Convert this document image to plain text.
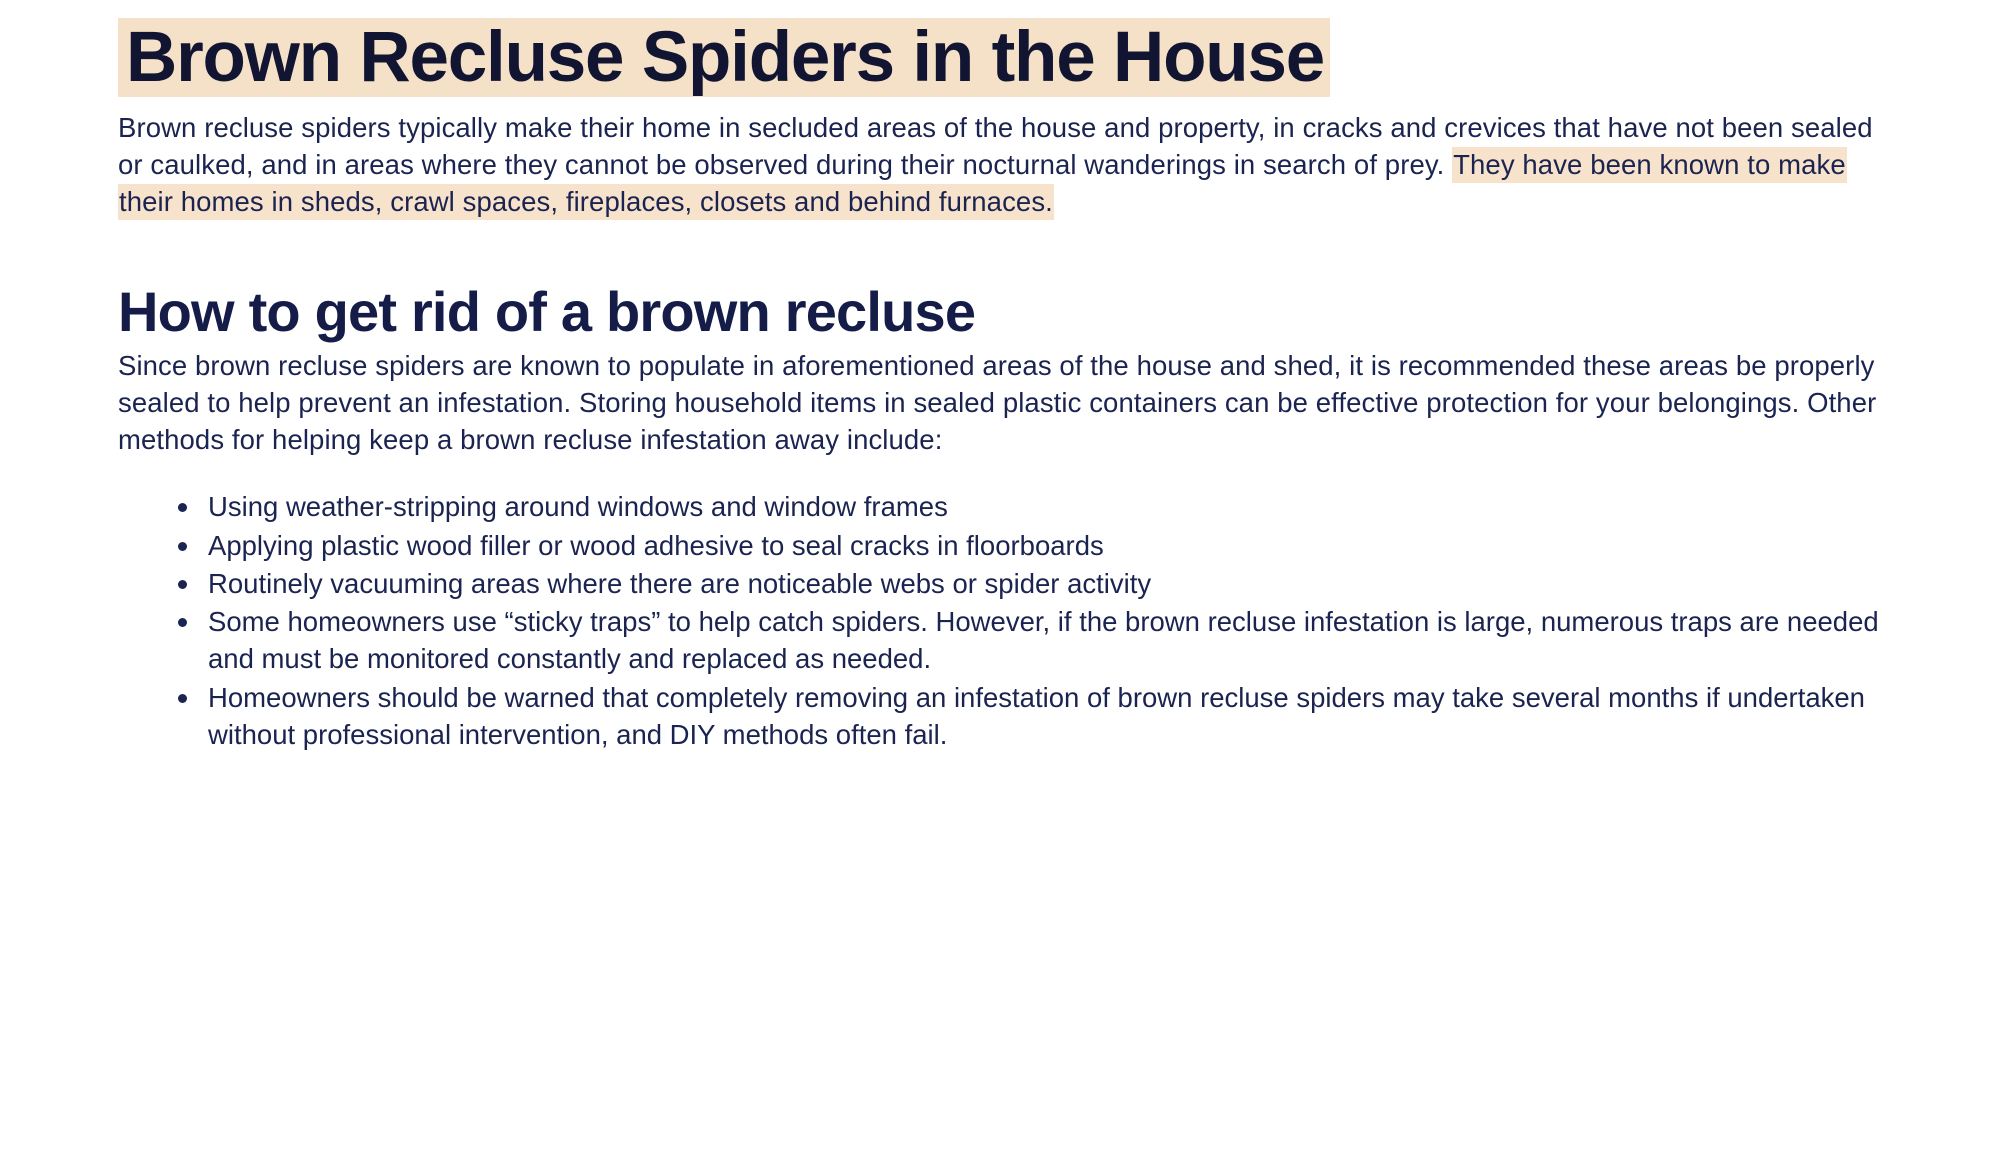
Brown Recluse Spiders in the House

Brown recluse spiders typically make their home in secluded areas of the house and property, in cracks and crevices that have not been sealed or caulked, and in areas where they cannot be observed during their nocturnal wanderings in search of prey. They have been known to make their homes in sheds, crawl spaces, fireplaces, closets and behind furnaces.

How to get rid of a brown recluse

Since brown recluse spiders are known to populate in aforementioned areas of the house and shed, it is recommended these areas be properly sealed to help prevent an infestation. Storing household items in sealed plastic containers can be effective protection for your belongings. Other methods for helping keep a brown recluse infestation away include:

Using weather-stripping around windows and window frames
Applying plastic wood filler or wood adhesive to seal cracks in floorboards
Routinely vacuuming areas where there are noticeable webs or spider activity
Some homeowners use “sticky traps” to help catch spiders. However, if the brown recluse infestation is large, numerous traps are needed and must be monitored constantly and replaced as needed.
Homeowners should be warned that completely removing an infestation of brown recluse spiders may take several months if undertaken without professional intervention, and DIY methods often fail.
